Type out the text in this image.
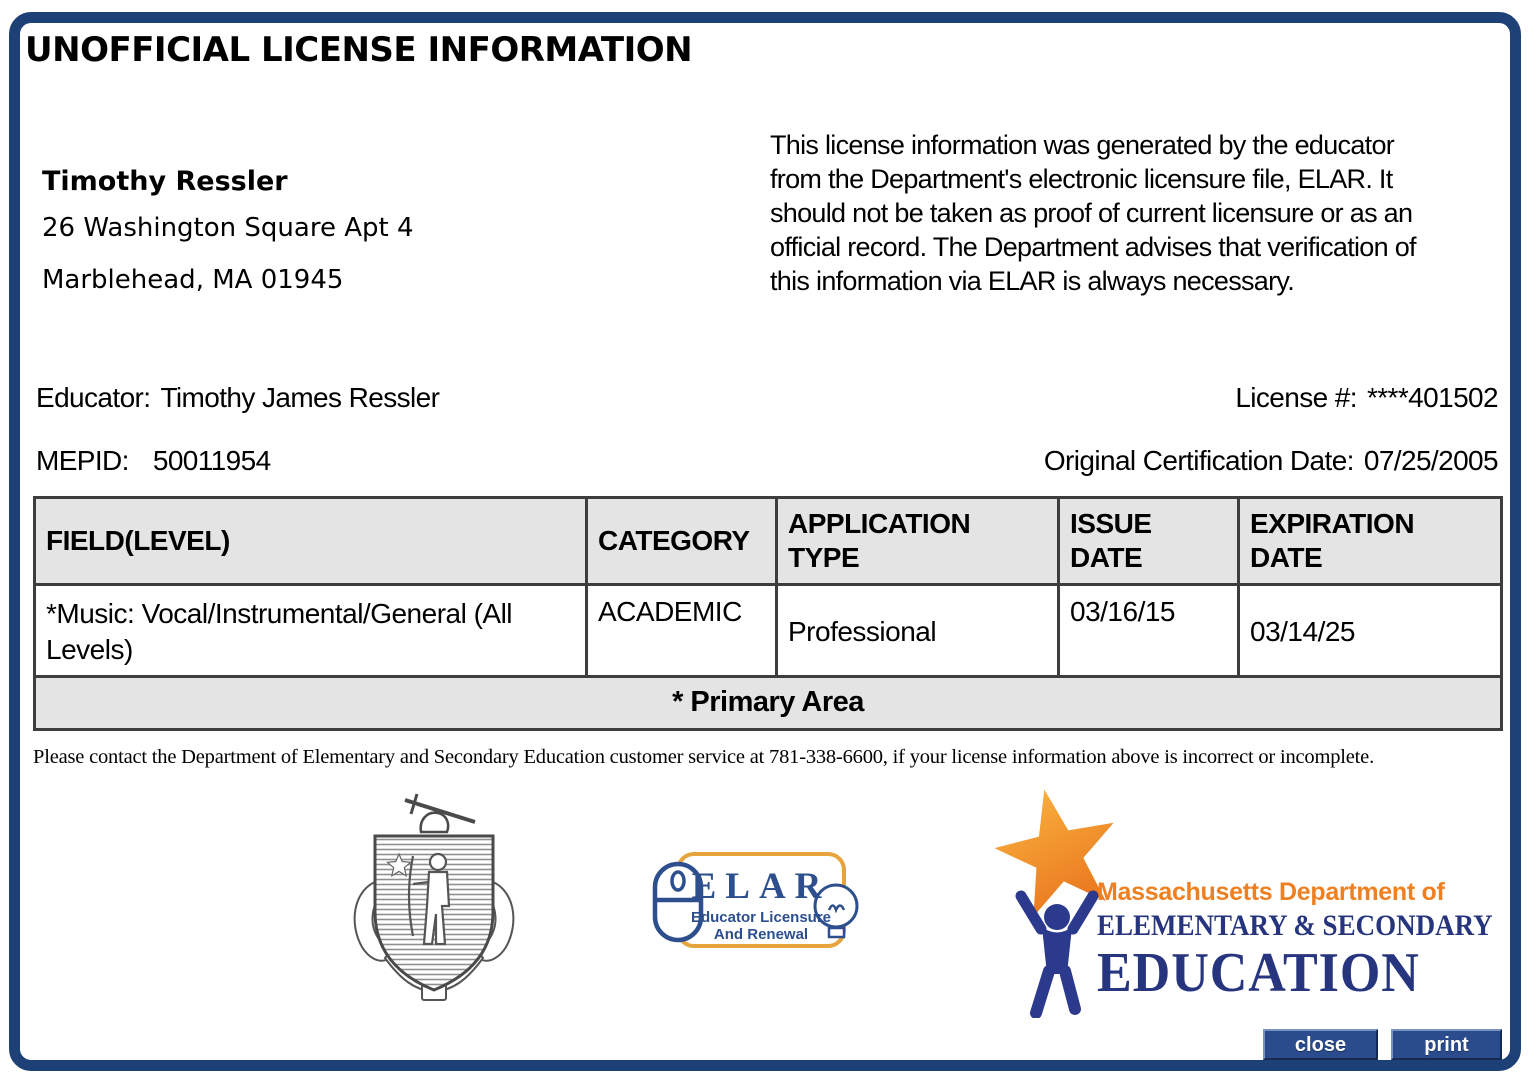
UNOFFICIAL LICENSE INFORMATION
Timothy Ressler
26 Washington Square Apt 4
Marblehead, MA 01945
This license information was generated by the educator from the Department's electronic licensure file, ELAR. It should not be taken as proof of current licensure or as an official record. The Department advises that verification of this information via ELAR is always necessary.
Educator: Timothy James Ressler	License #: ****401502
MEPID: 50011954	Original Certification Date: 07/25/2005
FIELD(LEVEL)	CATEGORY	APPLICATION TYPE	ISSUE DATE	EXPIRATION DATE
*Music: Vocal/Instrumental/General (All Levels)	ACADEMIC	Professional	03/16/15	03/14/25
* Primary Area				
Please contact the Department of Elementary and Secondary Education customer service at 781-338-6600, if your license information above is incorrect or incomplete.
ELAR
Educator Licensure
And Renewal
Massachusetts Department of
ELEMENTARY & SECONDARY
EDUCATION
close	print
